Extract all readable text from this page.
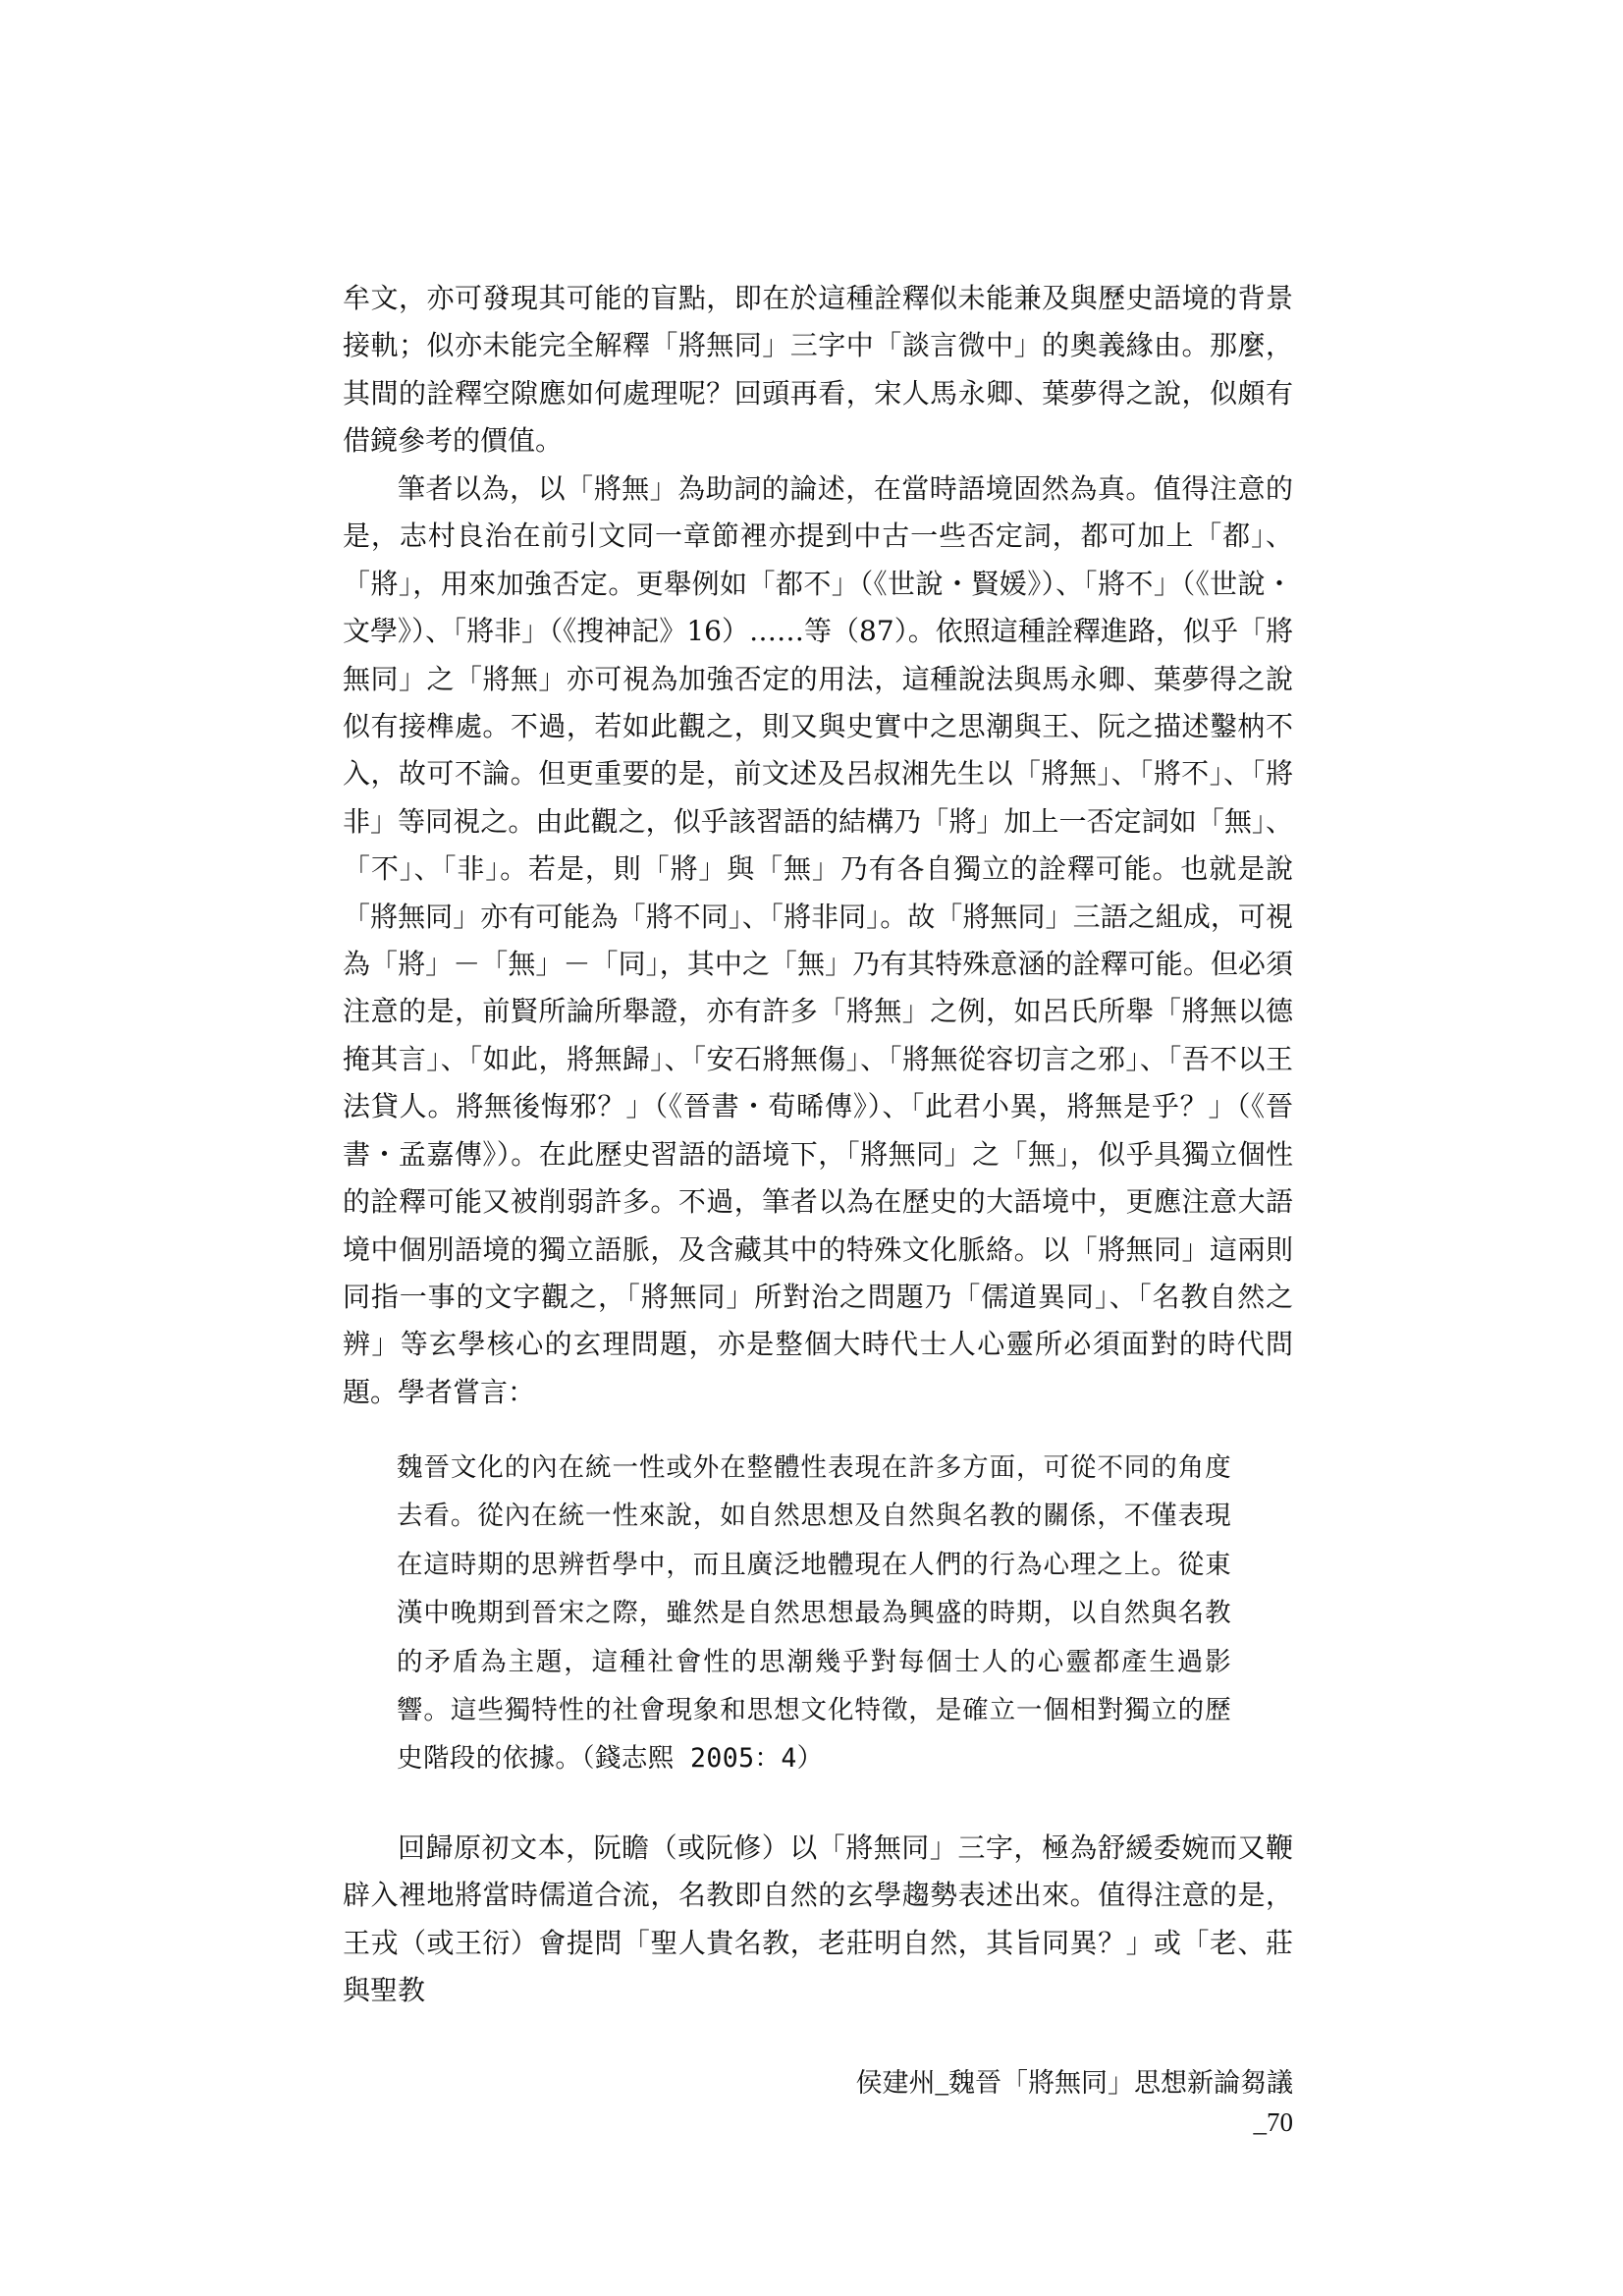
牟文，亦可發現其可能的盲點，即在於這種詮釋似未能兼及與歷史語境的背景接軌；似亦未能完全解釋「將無同」三字中「談言微中」的奧義緣由。那麼，其間的詮釋空隙應如何處理呢？回頭再看，宋人馬永卿、葉夢得之說，似頗有借鏡參考的價值。

筆者以為，以「將無」為助詞的論述，在當時語境固然為真。值得注意的是，志村良治在前引文同一章節裡亦提到中古一些否定詞，都可加上「都」、「將」，用來加強否定。更舉例如「都不」（《世說・賢媛》）、「將不」（《世說・文學》）、「將非」（《搜神記》16）……等（87）。依照這種詮釋進路，似乎「將無同」之「將無」亦可視為加強否定的用法，這種說法與馬永卿、葉夢得之說似有接榫處。不過，若如此觀之，則又與史實中之思潮與王、阮之描述鑿枘不入，故可不論。但更重要的是，前文述及呂叔湘先生以「將無」、「將不」、「將非」等同視之。由此觀之，似乎該習語的結構乃「將」加上一否定詞如「無」、「不」、「非」。若是，則「將」與「無」乃有各自獨立的詮釋可能。也就是說「將無同」亦有可能為「將不同」、「將非同」。故「將無同」三語之組成，可視為「將」－「無」－「同」，其中之「無」乃有其特殊意涵的詮釋可能。但必須注意的是，前賢所論所舉證，亦有許多「將無」之例，如呂氏所舉「將無以德掩其言」、「如此，將無歸」、「安石將無傷」、「將無從容切言之邪」、「吾不以王法貸人。將無後悔邪？」（《晉書・荀晞傳》）、「此君小異，將無是乎？」（《晉書・孟嘉傳》）。在此歷史習語的語境下，「將無同」之「無」，似乎具獨立個性的詮釋可能又被削弱許多。不過，筆者以為在歷史的大語境中，更應注意大語境中個別語境的獨立語脈，及含藏其中的特殊文化脈絡。以「將無同」這兩則同指一事的文字觀之，「將無同」所對治之問題乃「儒道異同」、「名教自然之辨」等玄學核心的玄理問題，亦是整個大時代士人心靈所必須面對的時代問題。學者嘗言：

魏晉文化的內在統一性或外在整體性表現在許多方面，可從不同的角度去看。從內在統一性來說，如自然思想及自然與名教的關係，不僅表現在這時期的思辨哲學中，而且廣泛地體現在人們的行為心理之上。從東漢中晚期到晉宋之際，雖然是自然思想最為興盛的時期，以自然與名教的矛盾為主題，這種社會性的思潮幾乎對每個士人的心靈都產生過影響。這些獨特性的社會現象和思想文化特徵，是確立一個相對獨立的歷史階段的依據。（錢志熙 2005：4）

回歸原初文本，阮瞻（或阮修）以「將無同」三字，極為舒緩委婉而又鞭辟入裡地將當時儒道合流，名教即自然的玄學趨勢表述出來。值得注意的是，王戎（或王衍）會提問「聖人貴名教，老莊明自然，其旨同異？」或「老、莊與聖教

侯建州_魏晉「將無同」思想新論芻議_70
